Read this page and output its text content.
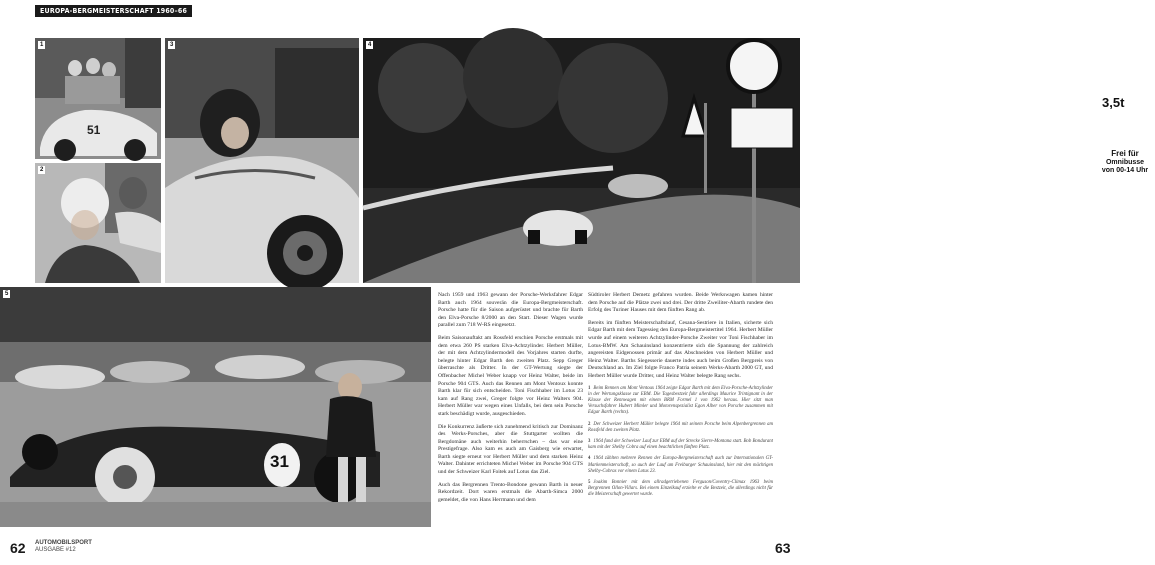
EUROPA-BERGMEISTERSCHAFT 1960–66
51
1
2
3
3,5t
Frei für
Omnibusse
von 00-14 Uhr
4
31
5	Nach 1959 und 1963 gewann der Porsche-Werksfahrer Edgar Barth auch 1964 souverän die Europa-Bergmeisterschaft. Porsche hatte für die Saison aufgerüstet und brachte für Barth den Elva-Porsche 8/2000 an den Start. Dieser Wagen wurde parallel zum 718 W-RS eingesetzt.

Beim Saisonauftakt am Rossfeld erschien Porsche erstmals mit dem etwa 260 PS starken Elva-Achtzylinder. Herbert Müller, der mit dem Achtzylindermodell des Vorjahres starten durfte, belegte hinter Edgar Barth den zweiten Platz. Sepp Greger überraschte als Dritter. In der GT-Wertung siegte der Offenbacher Michel Weber knapp vor Heinz Walter, beide im Porsche 904 GTS. Auch das Rennen am Mont Ventoux konnte Barth klar für sich entscheiden. Toni Fischhaber im Lotus 23 kam auf Rang zwei, Greger folgte vor Heinz Walters 904. Herbert Müller war wegen eines Unfalls, bei dem sein Porsche stark beschädigt wurde, ausgeschieden.

Die Konkurrenz äußerte sich zunehmend kritisch zur Dominanz des Werks-Porsches, aber die Stuttgarter wollten die Bergdomäne auch weiterhin beherrschen – das war eine Prestigefrage. Also kam es auch am Gaisberg wie erwartet, Barth siegte erneut vor Herbert Müller und dem starken Heinz Walter. Dahinter errichteten Michel Weber im Porsche 904 GTS und der Schweizer Karl Foitek auf Lotus das Ziel.

Auch das Bergrennen Trento-Bondone gewann Barth in neuer Rekordzeit. Dort waren erstmals die Abarth-Simca 2000 gemeldet, die von Hans Herrmann und dem

Südtiroler Herbert Demetz gefahren wurden. Beide Werkswagen kamen hinter dem Porsche auf die Plätze zwei und drei. Der dritte Zweiliter-Abarth rundete den Erfolg des Turiner Hauses mit dem fünften Rang ab.

Bereits im fünften Meisterschaftslauf, Cesana-Sestriere in Italien, sicherte sich Edgar Barth mit dem Tagessieg den Europa-Bergmeistertitel 1964. Herbert Müller wurde auf einem weiteren Achtzylinder-Porsche Zweiter vor Toni Fischhaber im Lotus-BMW. Am Schauinsland konzentrierte sich die Spannung der zahlreich angereisten Eidgenossen primär auf das Abschneiden von Herbert Müller und Heinz Walter. Barths Siegesserie dauerte indes auch beim Großen Bergpreis von Deutschland an. Im Ziel folgte Franco Patria seinem Werks-Abarth 2000 GT, und Herbert Müller wurde Dritter, und Heinz Walter belegte Rang sechs.

1 Beim Rennen am Mont Ventoux 1964 zeigte Edgar Barth mit dem Elva-Porsche-Achtzylinder in der Wertungsklasse zur EBM. Die Tagesbestzeit fuhr allerdings Maurice Trintignant in der Klasse der Rennwagen mit einem BRM Formel 1 von 1962 heraus. Hier sitzt man Versuchsfahrer Hubert Mimler und Motorenspezialist Egon Alber von Porsche zusammen mit Edgar Barth (rechts).

2 Der Schweizer Herbert Müller belegte 1964 mit seinem Porsche beim Alpenbergrennen am Rossfeld den zweiten Platz.

3 1964 fand der Schweizer Lauf zur EBM auf der Strecke Sierre-Montana statt. Bob Bondurant kam mit der Shelby Cobra auf einen beachtlichen fünften Platz.

4 1964 zählten mehrere Rennen der Europa-Bergmeisterschaft auch zur Internationalen GT-Markenmeisterschaft, so auch der Lauf am Freiburger Schauinsland, hier mit den mächtigen Shelby-Cobras vor einem Lotus 23.

5 Joakim Bonnier mit dem allradgetriebenen Ferguson/Coventry-Climax 1963 beim Bergrennen Ollon-Villars. Bei einem Einzelkauf erzielte er die Bestzeit, die allerdings nicht für die Meisterschaft gewertet wurde.

62 AUTOMOBILSPORT
AUSGABE #12	63
